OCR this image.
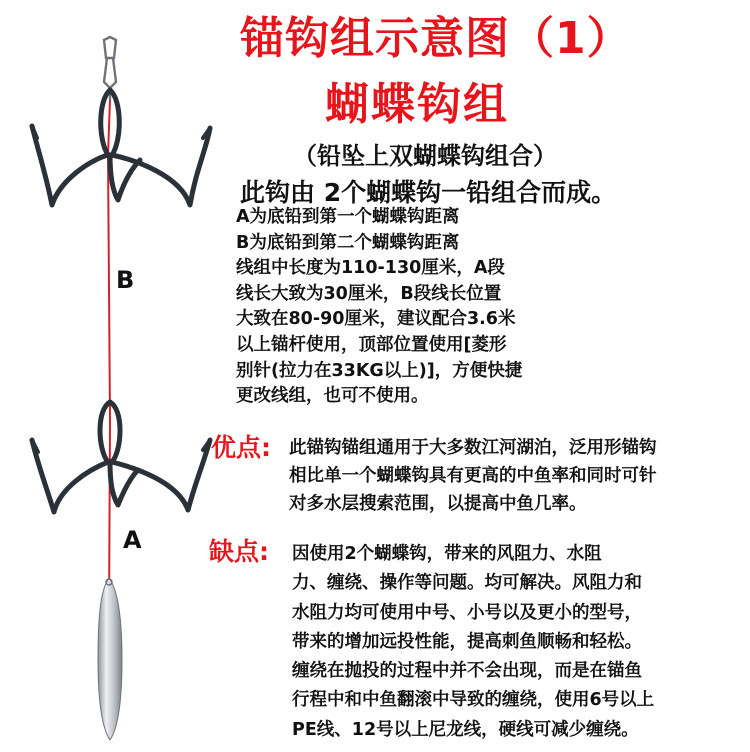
B
A
锚钩组示意图（1）
蝴蝶钩组
（铅坠上双蝴蝶钩组合）
此钩由 2个蝴蝶钩一铅组合而成。
A为底铅到第一个蝴蝶钩距离
B为底铅到第二个蝴蝶钩距离
线组中长度为110-130厘米，A段
线长大致为30厘米，B段线长位置
大致在80-90厘米，建议配合3.6米
以上锚杆使用，顶部位置使用[菱形
别针(拉力在33KG以上)]，方便快捷
更改线组，也可不使用。
优点: 此锚钩锚组通用于大多数江河湖泊，泛用形锚钩
相比单一个蝴蝶钩具有更高的中鱼率和同时可针
对多水层搜索范围，以提高中鱼几率。
缺点: 因使用2个蝴蝶钩，带来的风阻力、水阻
力、缠绕、操作等问题。均可解决。风阻力和
水阻力均可使用中号、小号以及更小的型号，
带来的增加远投性能，提高刺鱼顺畅和轻松。
缠绕在抛投的过程中并不会出现，而是在锚鱼
行程中和中鱼翻滚中导致的缠绕，使用6号以上
PE线、12号以上尼龙线，硬线可减少缠绕。
